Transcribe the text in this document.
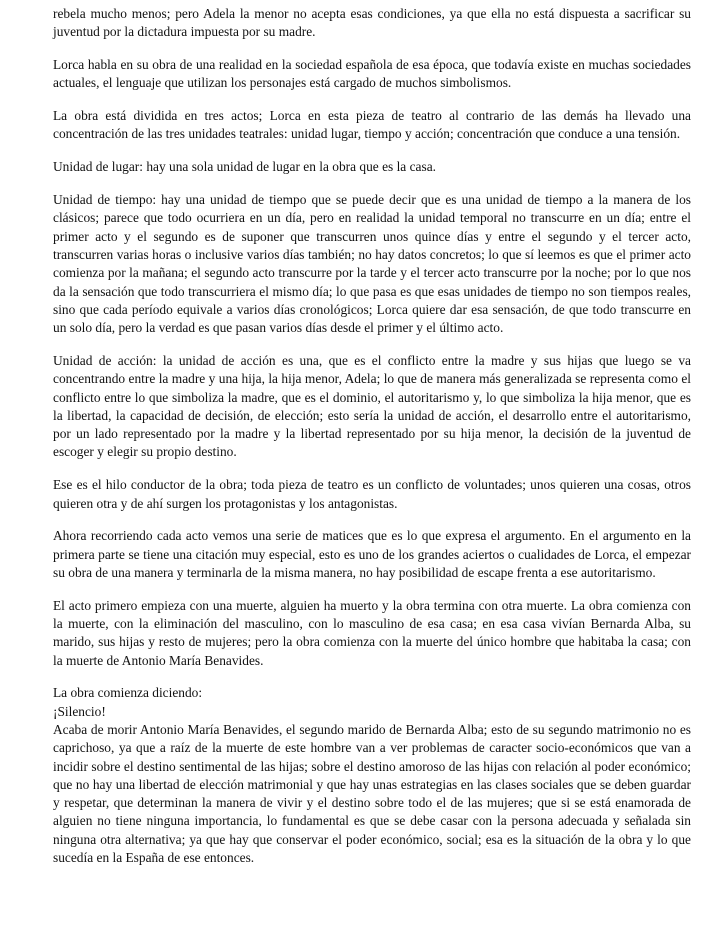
rebela mucho menos; pero Adela la menor no acepta esas condiciones, ya que ella no está dispuesta a sacrificar su juventud por la dictadura impuesta por su madre.

Lorca habla en su obra de una realidad en la sociedad española de esa época, que todavía existe en muchas sociedades actuales, el lenguaje que utilizan los personajes está cargado de muchos simbolismos.

La obra está dividida en tres actos; Lorca en esta pieza de teatro al contrario de las demás ha llevado una concentración de las tres unidades teatrales: unidad lugar, tiempo y acción; concentración que conduce a una tensión.

Unidad de lugar: hay una sola unidad de lugar en la obra que es la casa.

Unidad de tiempo: hay una unidad de tiempo que se puede decir que es una unidad de tiempo a la manera de los clásicos; parece que todo ocurriera en un día, pero en realidad la unidad temporal no transcurre en un día; entre el primer acto y el segundo es de suponer que transcurren unos quince días y entre el segundo y el tercer acto, transcurren varias horas o inclusive varios días también; no hay datos concretos; lo que sí leemos es que el primer acto comienza por la mañana; el segundo acto transcurre por la tarde y el tercer acto transcurre por la noche; por lo que nos da la sensación que todo transcurriera el mismo día; lo que pasa es que esas unidades de tiempo no son tiempos reales, sino que cada período equivale a varios días cronológicos; Lorca quiere dar esa sensación, de que todo transcurre en un solo día, pero la verdad es que pasan varios días desde el primer y el último acto.

Unidad de acción: la unidad de acción es una, que es el conflicto entre la madre y sus hijas que luego se va concentrando entre la madre y una hija, la hija menor, Adela; lo que de manera más generalizada se representa como el conflicto entre lo que simboliza la madre, que es el dominio, el autoritarismo y, lo que simboliza la hija menor, que es la libertad, la capacidad de decisión, de elección; esto sería la unidad de acción, el desarrollo entre el autoritarismo, por un lado representado por la madre y la libertad representado por su hija menor, la decisión de la juventud de escoger y elegir su propio destino.

Ese es el hilo conductor de la obra; toda pieza de teatro es un conflicto de voluntades; unos quieren una cosas, otros quieren otra y de ahí surgen los protagonistas y los antagonistas.

Ahora recorriendo cada acto vemos una serie de matices que es lo que expresa el argumento. En el argumento en la primera parte se tiene una citación muy especial, esto es uno de los grandes aciertos o cualidades de Lorca, el empezar su obra de una manera y terminarla de la misma manera, no hay posibilidad de escape frenta a ese autoritarismo.

El acto primero empieza con una muerte, alguien ha muerto y la obra termina con otra muerte. La obra comienza con la muerte, con la eliminación del masculino, con lo masculino de esa casa; en esa casa vivían Bernarda Alba, su marido, sus hijas y resto de mujeres; pero la obra comienza con la muerte del único hombre que habitaba la casa; con la muerte de Antonio María Benavides.

La obra comienza diciendo:
¡Silencio!
Acaba de morir Antonio María Benavides, el segundo marido de Bernarda Alba; esto de su segundo matrimonio no es caprichoso, ya que a raíz de la muerte de este hombre van a ver problemas de caracter socio-económicos que van a incidir sobre el destino sentimental de las hijas; sobre el destino amoroso de las hijas con relación al poder económico; que no hay una libertad de elección matrimonial y que hay unas estrategias en las clases sociales que se deben guardar y respetar, que determinan la manera de vivir y el destino sobre todo el de las mujeres; que si se está enamorada de alguien no tiene ninguna importancia, lo fundamental es que se debe casar con la persona adecuada y señalada sin ninguna otra alternativa; ya que hay que conservar el poder económico, social; esa es la situación de la obra y lo que sucedía en la España de ese entonces.
